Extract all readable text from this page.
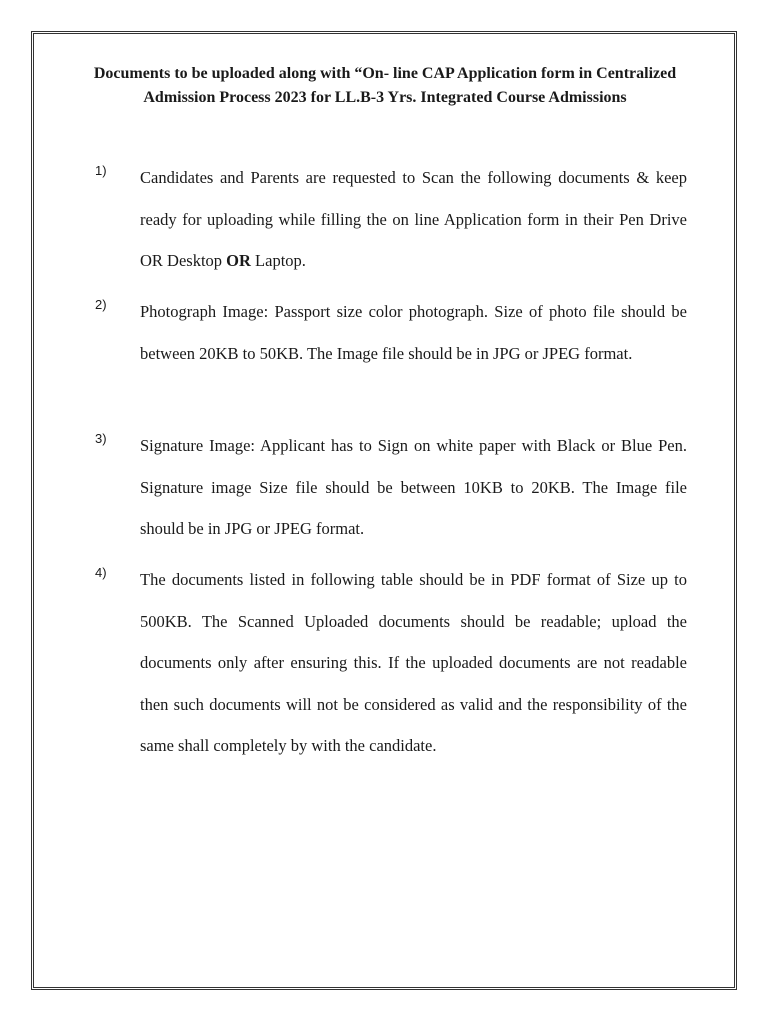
Documents to be uploaded along with “On- line CAP Application form in Centralized Admission Process 2023 for LL.B-3 Yrs. Integrated Course Admissions
1) Candidates and Parents are requested to Scan the following documents & keep ready for uploading while filling the on line Application form in their Pen Drive OR Desktop OR Laptop.

2) Photograph Image: Passport size color photograph. Size of photo file should be between 20KB to 50KB. The Image file should be in JPG or JPEG format.

3) Signature Image: Applicant has to Sign on white paper with Black or Blue Pen. Signature image Size file should be between 10KB to 20KB. The Image file should be in JPG or JPEG format.

4) The documents listed in following table should be in PDF format of Size up to 500KB. The Scanned Uploaded documents should be readable; upload the documents only after ensuring this. If the uploaded documents are not readable then such documents will not be considered as valid and the responsibility of the same shall completely by with the candidate.
